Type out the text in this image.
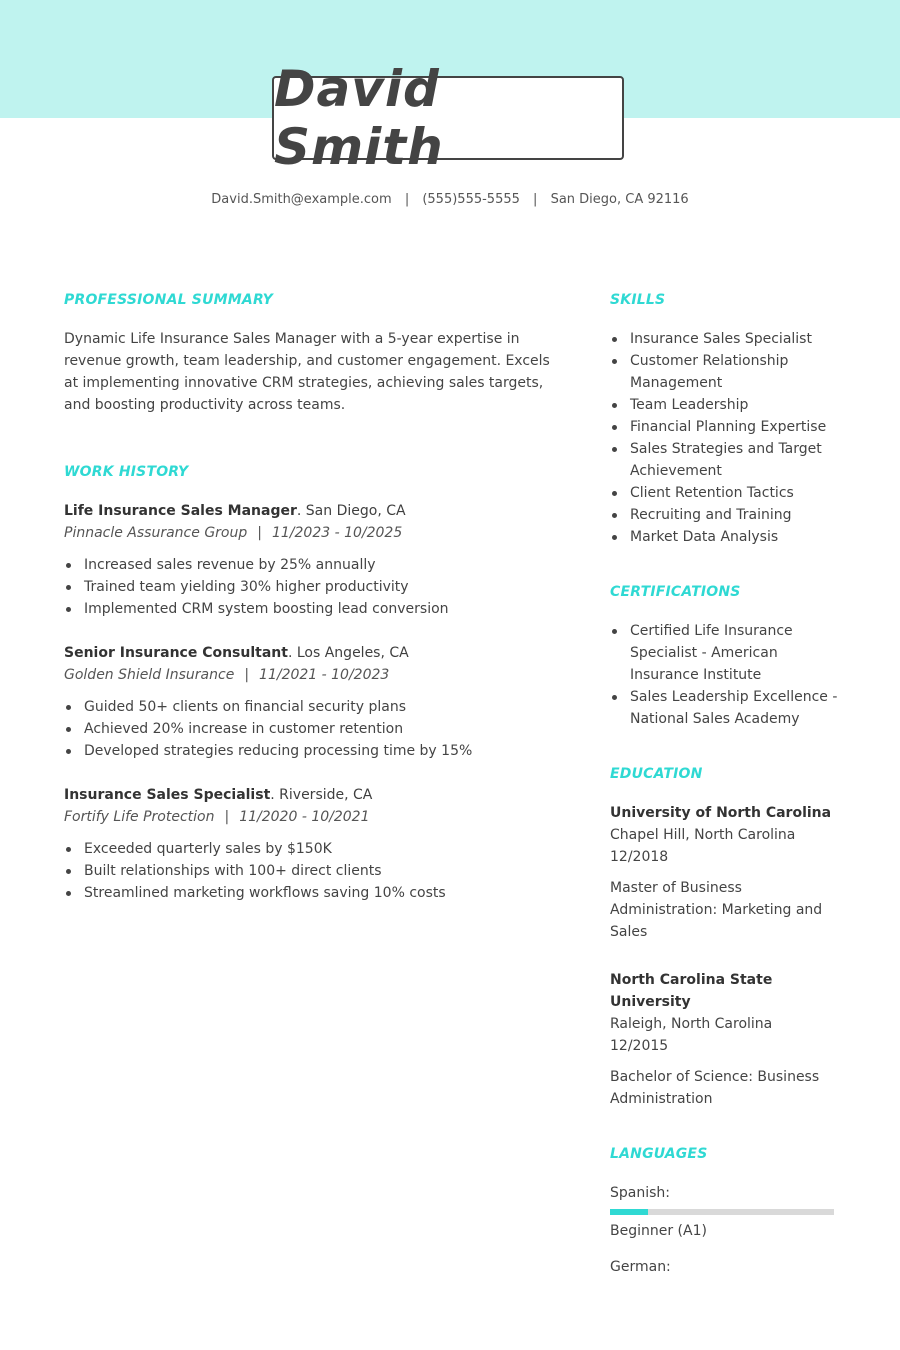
David Smith
David.Smith@example.com | (555)555-5555 | San Diego, CA 92116
PROFESSIONAL SUMMARY

Dynamic Life Insurance Sales Manager with a 5-year expertise in revenue growth, team leadership, and customer engagement. Excels at implementing innovative CRM strategies, achieving sales targets, and boosting productivity across teams.

WORK HISTORY
Life Insurance Sales Manager. San Diego, CA
Pinnacle Assurance Group | 11/2023 - 10/2025
Increased sales revenue by 25% annually
Trained team yielding 30% higher productivity
Implemented CRM system boosting lead conversion
Senior Insurance Consultant. Los Angeles, CA
Golden Shield Insurance | 11/2021 - 10/2023
Guided 50+ clients on financial security plans
Achieved 20% increase in customer retention
Developed strategies reducing processing time by 15%
Insurance Sales Specialist. Riverside, CA
Fortify Life Protection | 11/2020 - 10/2021
Exceeded quarterly sales by $150K
Built relationships with 100+ direct clients
Streamlined marketing workflows saving 10% costs
SKILLS
Insurance Sales Specialist
Customer Relationship Management
Team Leadership
Financial Planning Expertise
Sales Strategies and Target Achievement
Client Retention Tactics
Recruiting and Training
Market Data Analysis
CERTIFICATIONS
Certified Life Insurance Specialist - American Insurance Institute
Sales Leadership Excellence - National Sales Academy
EDUCATION
University of North Carolina
Chapel Hill, North Carolina
12/2018
Master of Business Administration: Marketing and Sales
North Carolina State University
Raleigh, North Carolina
12/2015
Bachelor of Science: Business Administration
LANGUAGES
Spanish:
Beginner (A1)
German:
